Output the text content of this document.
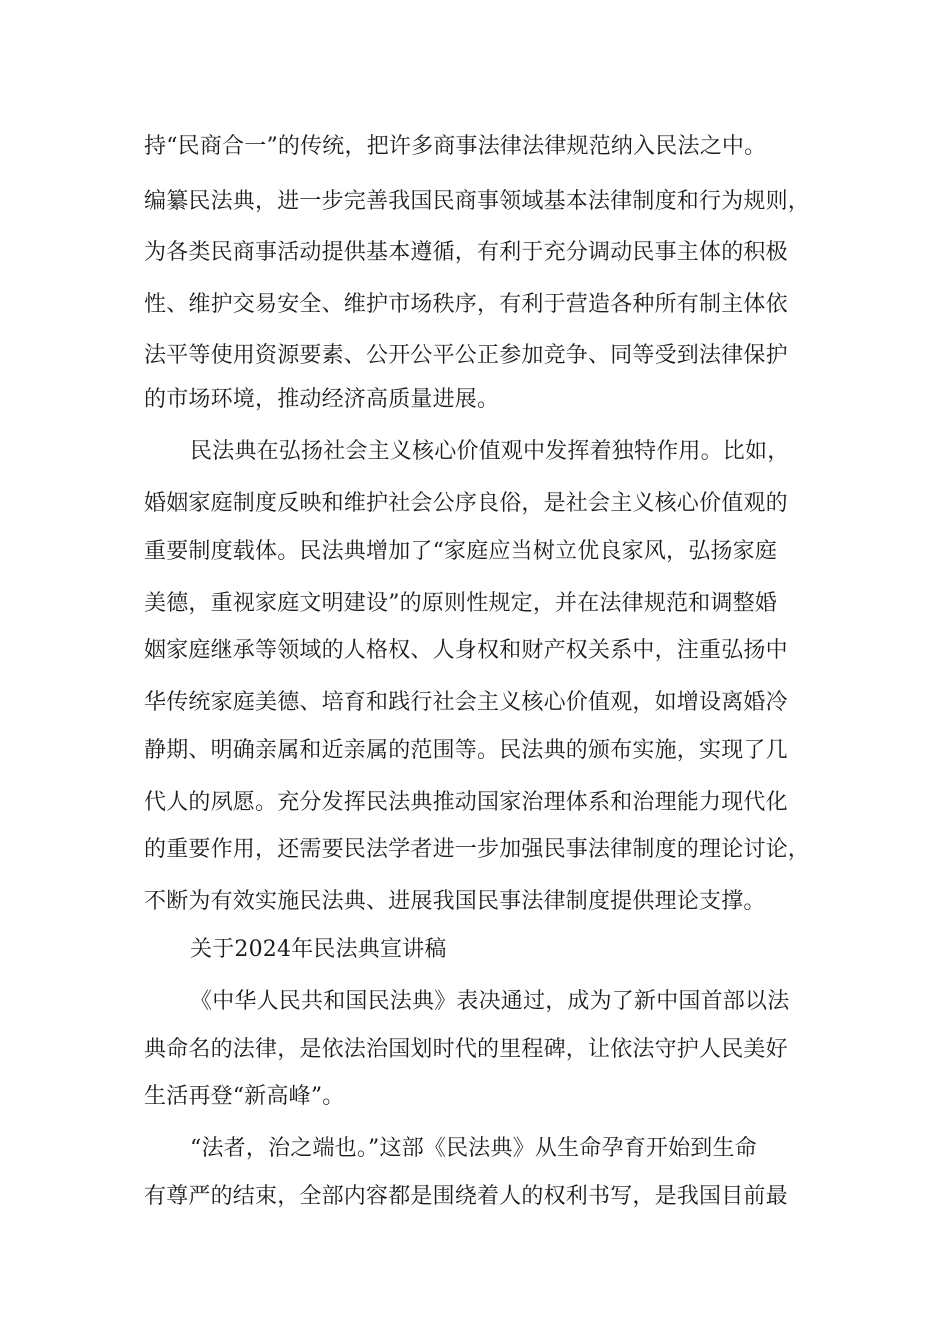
持“民商合一”的传统，把许多商事法律法律规范纳入民法之中。
编纂民法典，进一步完善我国民商事领域基本法律制度和行为规则，
为各类民商事活动提供基本遵循，有利于充分调动民事主体的积极
性、维护交易安全、维护市场秩序，有利于营造各种所有制主体依
法平等使用资源要素、公开公平公正参加竞争、同等受到法律保护
的市场环境，推动经济高质量进展。
民法典在弘扬社会主义核心价值观中发挥着独特作用。比如，
婚姻家庭制度反映和维护社会公序良俗，是社会主义核心价值观的
重要制度载体。民法典增加了“家庭应当树立优良家风，弘扬家庭
美德，重视家庭文明建设”的原则性规定，并在法律规范和调整婚
姻家庭继承等领域的人格权、人身权和财产权关系中，注重弘扬中
华传统家庭美德、培育和践行社会主义核心价值观，如增设离婚冷
静期、明确亲属和近亲属的范围等。民法典的颁布实施，实现了几
代人的夙愿。充分发挥民法典推动国家治理体系和治理能力现代化
的重要作用，还需要民法学者进一步加强民事法律制度的理论讨论，
不断为有效实施民法典、进展我国民事法律制度提供理论支撑。
关于2024年民法典宣讲稿
《中华人民共和国民法典》表决通过，成为了新中国首部以法
典命名的法律，是依法治国划时代的里程碑，让依法守护人民美好
生活再登“新高峰”。
“法者，治之端也。”这部《民法典》从生命孕育开始到生命
有尊严的结束，全部内容都是围绕着人的权利书写，是我国目前最
